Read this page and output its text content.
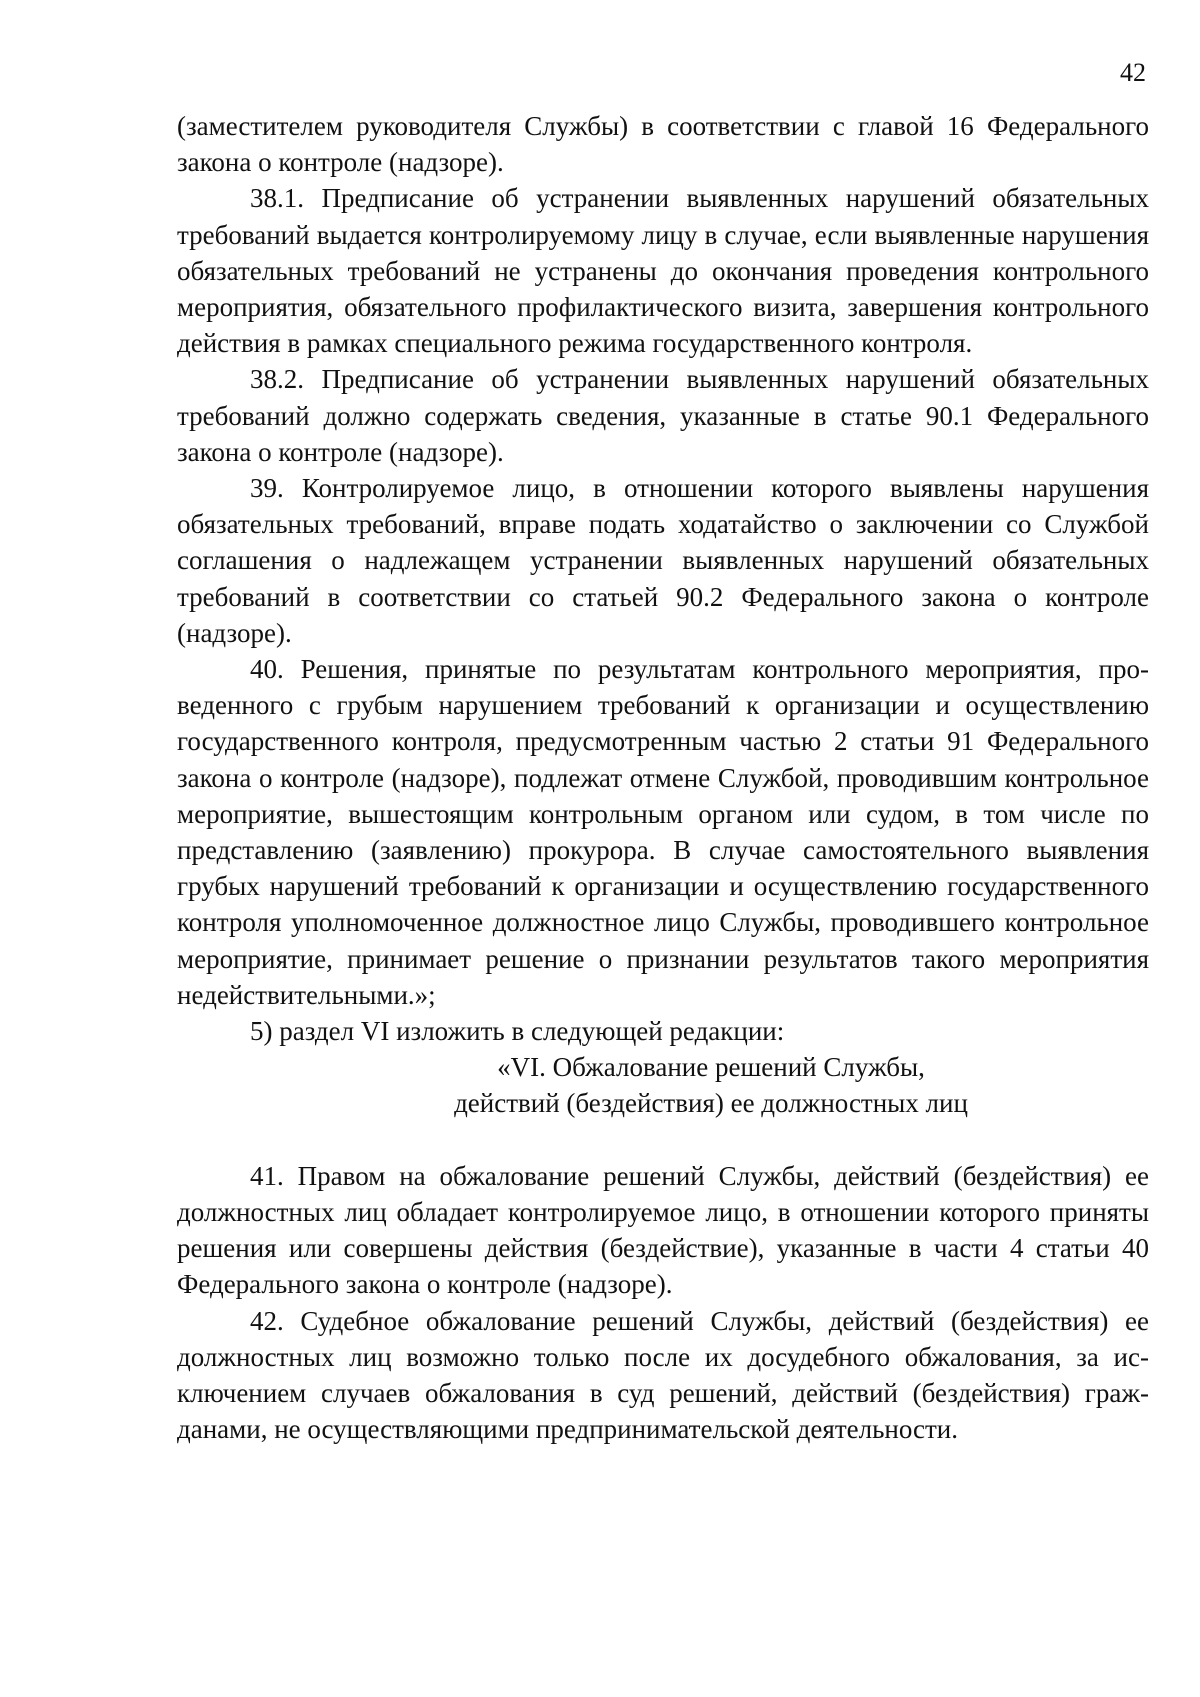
42

(заместителем руководителя Службы) в соответствии с главой 16 Федерального закона о контроле (надзоре).

38.1. Предписание об устранении выявленных нарушений обязательных требований выдается контролируемому лицу в случае, если выявленные нарушения обязательных требований не устранены до окончания проведения контрольного мероприятия, обязательного профилактического визита, завершения контрольного действия в рамках специального режима государственного контроля.

38.2. Предписание об устранении выявленных нарушений обязательных требований должно содержать сведения, указанные в статье 90.1 Федерального закона о контроле (надзоре).

39. Контролируемое лицо, в отношении которого выявлены нарушения обязательных требований, вправе подать ходатайство о заключении со Службой соглашения о надлежащем устранении выявленных нарушений обязательных требований в соответствии со статьей 90.2 Федерального закона о контроле (надзоре).

40. Решения, принятые по результатам контрольного мероприятия, проведенного с грубым нарушением требований к организации и осуществлению государственного контроля, предусмотренным частью 2 статьи 91 Федерального закона о контроле (надзоре), подлежат отмене Службой, проводившим контрольное мероприятие, вышестоящим контрольным органом или судом, в том числе по представлению (заявлению) прокурора. В случае самостоятельного выявления грубых нарушений требований к организации и осуществлению государственного контроля уполномоченное должностное лицо Службы, проводившего контрольное мероприятие, принимает решение о признании результатов такого мероприятия недействительными.»;

5) раздел VI изложить в следующей редакции:

«VI. Обжалование решений Службы,

действий (бездействия) ее должностных лиц

41. Правом на обжалование решений Службы, действий (бездействия) ее должностных лиц обладает контролируемое лицо, в отношении которого приняты решения или совершены действия (бездействие), указанные в части 4 статьи 40 Федерального закона о контроле (надзоре).

42. Судебное обжалование решений Службы, действий (бездействия) ее должностных лиц возможно только после их досудебного обжалования, за исключением случаев обжалования в суд решений, действий (бездействия) гражданами, не осуществляющими предпринимательской деятельности.
